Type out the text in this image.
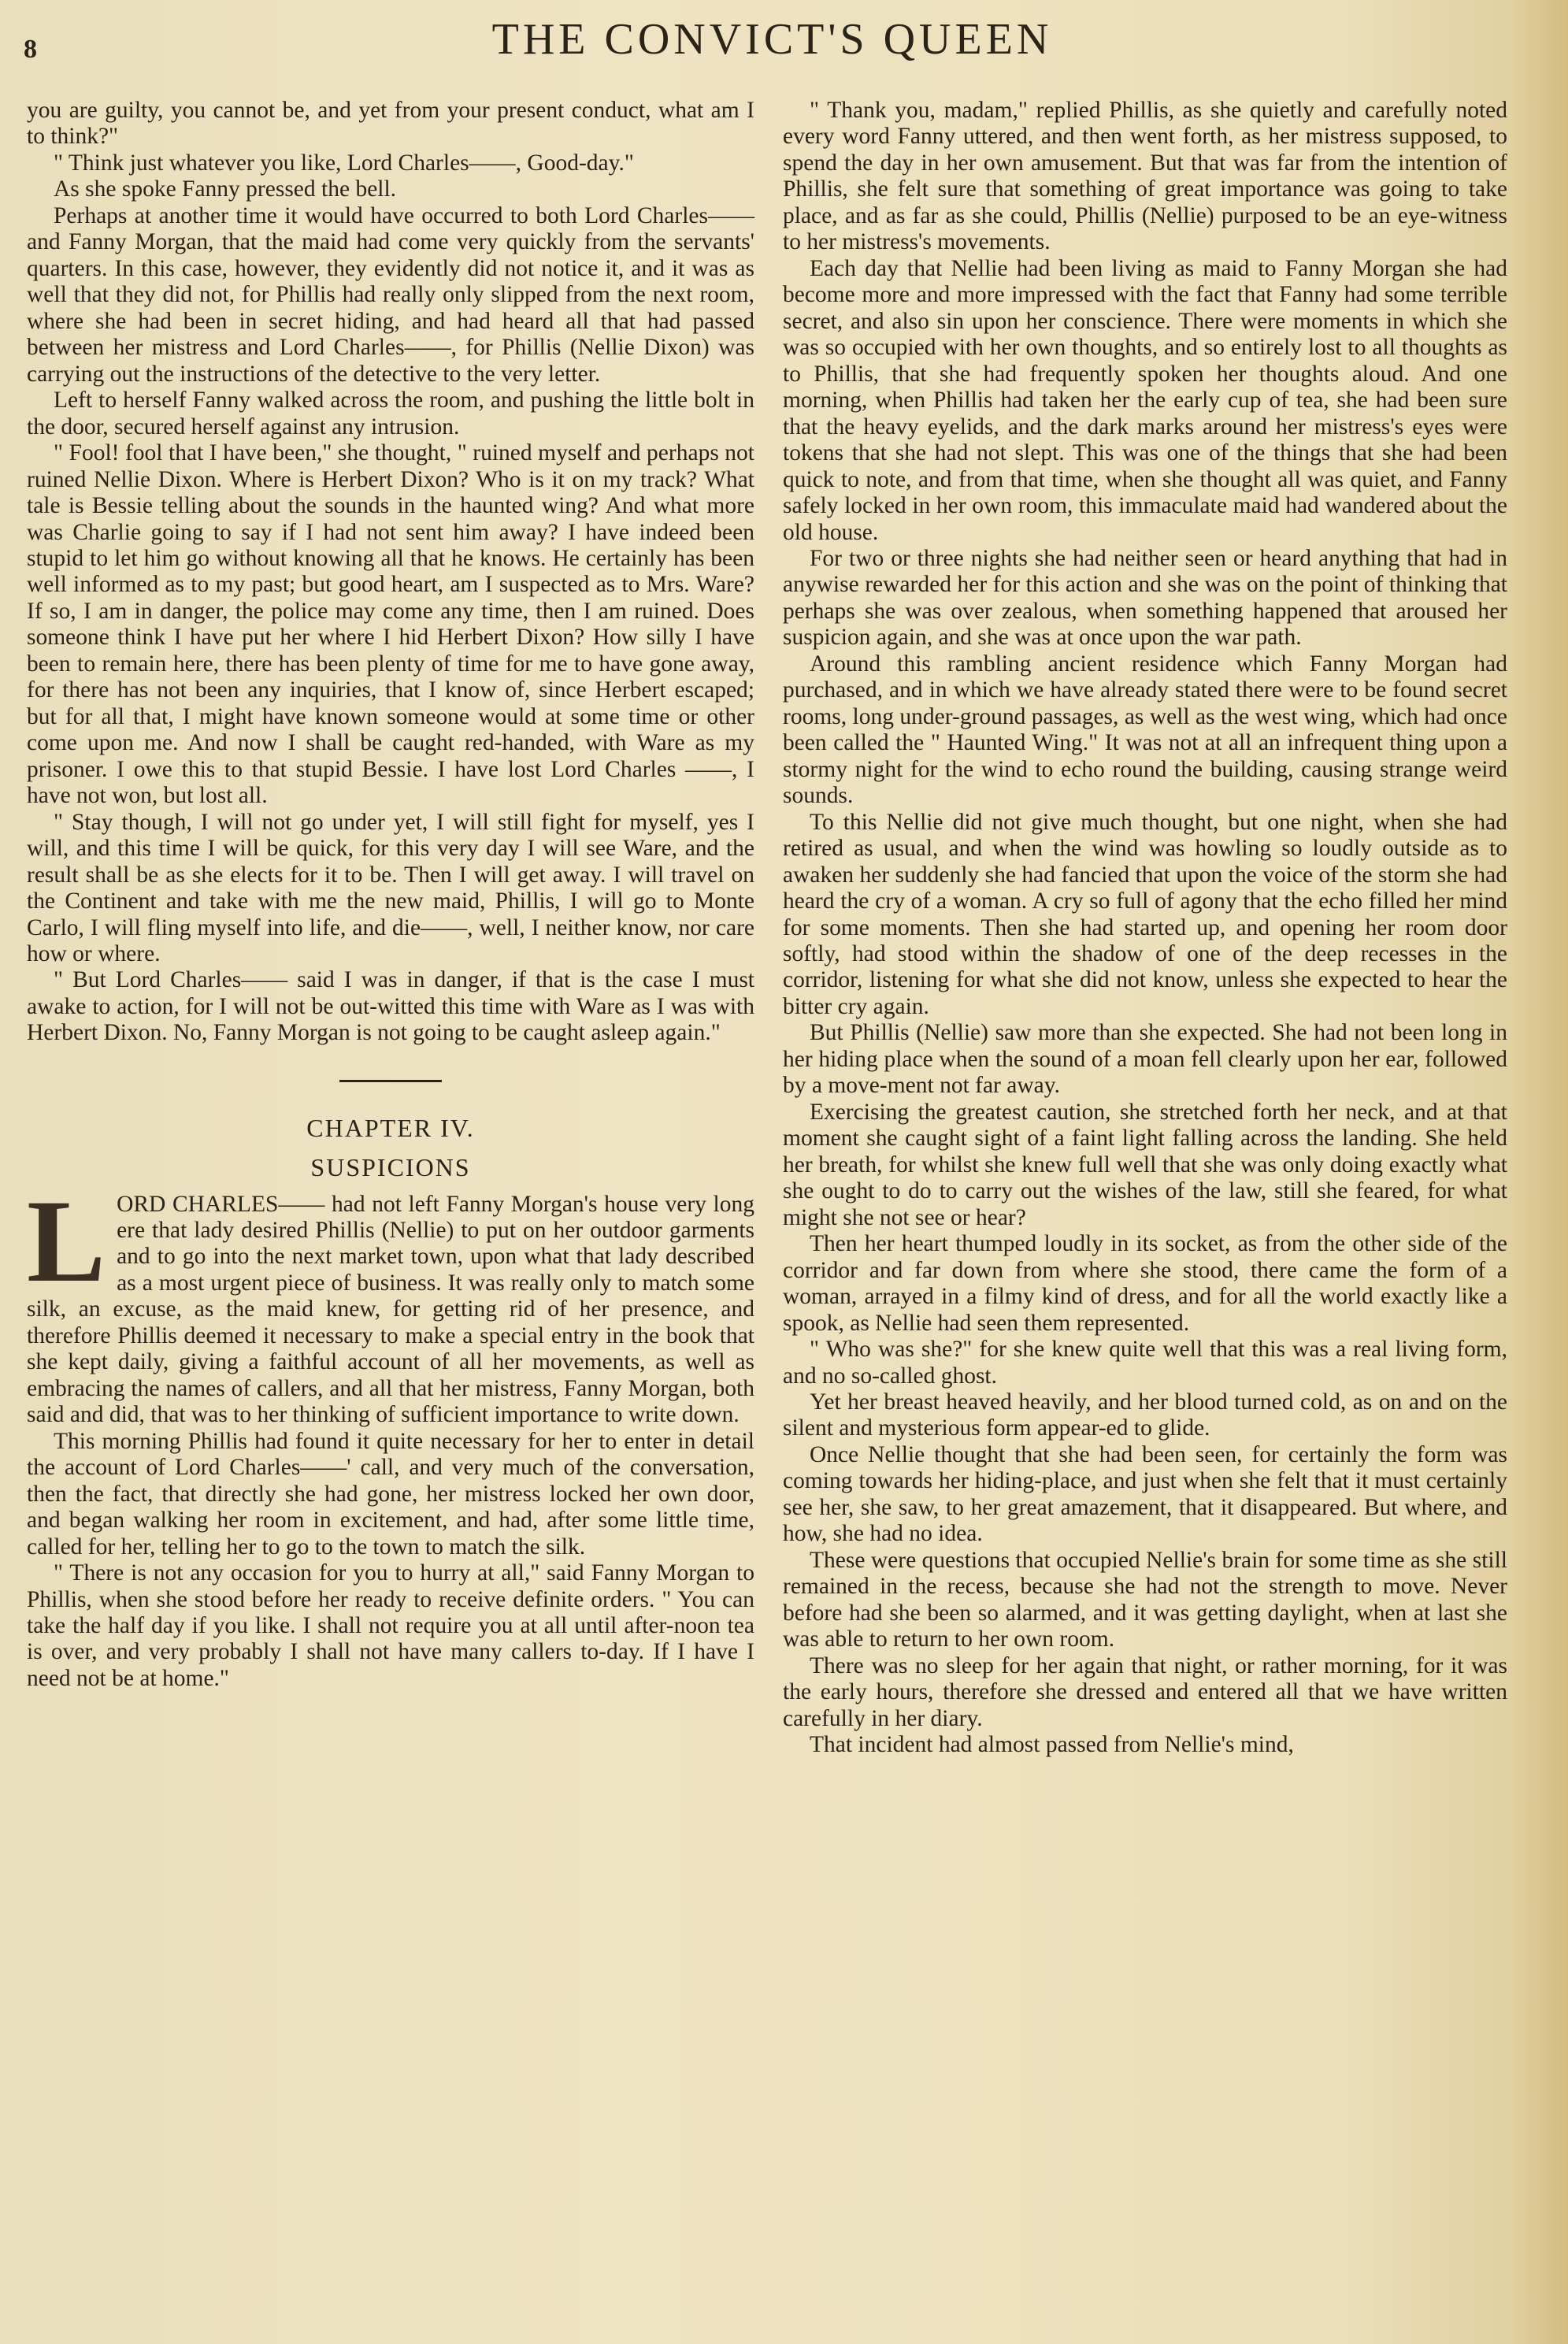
8	THE CONVICT'S QUEEN

you are guilty, you cannot be, and yet from your present conduct, what am I to think?"

" Think just whatever you like, Lord Charles——, Good-day."

As she spoke Fanny pressed the bell.

Perhaps at another time it would have occurred to both Lord Charles—— and Fanny Morgan, that the maid had come very quickly from the servants' quarters. In this case, however, they evidently did not notice it, and it was as well that they did not, for Phillis had really only slipped from the next room, where she had been in secret hiding, and had heard all that had passed between her mistress and Lord Charles——, for Phillis (Nellie Dixon) was carrying out the instructions of the detective to the very letter.

Left to herself Fanny walked across the room, and pushing the little bolt in the door, secured herself against any intrusion.

" Fool! fool that I have been," she thought, " ruined myself and perhaps not ruined Nellie Dixon. Where is Herbert Dixon? Who is it on my track? What tale is Bessie telling about the sounds in the haunted wing? And what more was Charlie going to say if I had not sent him away? I have indeed been stupid to let him go without knowing all that he knows. He certainly has been well informed as to my past; but good heart, am I suspected as to Mrs. Ware? If so, I am in danger, the police may come any time, then I am ruined. Does someone think I have put her where I hid Herbert Dixon? How silly I have been to remain here, there has been plenty of time for me to have gone away, for there has not been any inquiries, that I know of, since Herbert escaped; but for all that, I might have known someone would at some time or other come upon me. And now I shall be caught red-handed, with Ware as my prisoner. I owe this to that stupid Bessie. I have lost Lord Charles ——, I have not won, but lost all.

" Stay though, I will not go under yet, I will still fight for myself, yes I will, and this time I will be quick, for this very day I will see Ware, and the result shall be as she elects for it to be. Then I will get away. I will travel on the Continent and take with me the new maid, Phillis, I will go to Monte Carlo, I will fling myself into life, and die——, well, I neither know, nor care how or where.

" But Lord Charles—— said I was in danger, if that is the case I must awake to action, for I will not be out-witted this time with Ware as I was with Herbert Dixon. No, Fanny Morgan is not going to be caught asleep again."

CHAPTER IV.
SUSPICIONS

LORD CHARLES—— had not left Fanny Morgan's house very long ere that lady desired Phillis (Nellie) to put on her outdoor garments and to go into the next market town, upon what that lady described as a most urgent piece of business. It was really only to match some silk, an excuse, as the maid knew, for getting rid of her presence, and therefore Phillis deemed it necessary to make a special entry in the book that she kept daily, giving a faithful account of all her movements, as well as embracing the names of callers, and all that her mistress, Fanny Morgan, both said and did, that was to her thinking of sufficient importance to write down.

This morning Phillis had found it quite necessary for her to enter in detail the account of Lord Charles——' call, and very much of the conversation, then the fact, that directly she had gone, her mistress locked her own door, and began walking her room in excitement, and had, after some little time, called for her, telling her to go to the town to match the silk.

" There is not any occasion for you to hurry at all," said Fanny Morgan to Phillis, when she stood before her ready to receive definite orders. " You can take the half day if you like. I shall not require you at all until after-noon tea is over, and very probably I shall not have many callers to-day. If I have I need not be at home."

" Thank you, madam," replied Phillis, as she quietly and carefully noted every word Fanny uttered, and then went forth, as her mistress supposed, to spend the day in her own amusement. But that was far from the intention of Phillis, she felt sure that something of great importance was going to take place, and as far as she could, Phillis (Nellie) purposed to be an eye-witness to her mistress's movements.

Each day that Nellie had been living as maid to Fanny Morgan she had become more and more impressed with the fact that Fanny had some terrible secret, and also sin upon her conscience. There were moments in which she was so occupied with her own thoughts, and so entirely lost to all thoughts as to Phillis, that she had frequently spoken her thoughts aloud. And one morning, when Phillis had taken her the early cup of tea, she had been sure that the heavy eyelids, and the dark marks around her mistress's eyes were tokens that she had not slept. This was one of the things that she had been quick to note, and from that time, when she thought all was quiet, and Fanny safely locked in her own room, this immaculate maid had wandered about the old house.

For two or three nights she had neither seen or heard anything that had in anywise rewarded her for this action and she was on the point of thinking that perhaps she was over zealous, when something happened that aroused her suspicion again, and she was at once upon the war path.

Around this rambling ancient residence which Fanny Morgan had purchased, and in which we have already stated there were to be found secret rooms, long under-ground passages, as well as the west wing, which had once been called the " Haunted Wing." It was not at all an infrequent thing upon a stormy night for the wind to echo round the building, causing strange weird sounds.

To this Nellie did not give much thought, but one night, when she had retired as usual, and when the wind was howling so loudly outside as to awaken her suddenly she had fancied that upon the voice of the storm she had heard the cry of a woman. A cry so full of agony that the echo filled her mind for some moments. Then she had started up, and opening her room door softly, had stood within the shadow of one of the deep recesses in the corridor, listening for what she did not know, unless she expected to hear the bitter cry again.

But Phillis (Nellie) saw more than she expected. She had not been long in her hiding place when the sound of a moan fell clearly upon her ear, followed by a move-ment not far away.

Exercising the greatest caution, she stretched forth her neck, and at that moment she caught sight of a faint light falling across the landing. She held her breath, for whilst she knew full well that she was only doing exactly what she ought to do to carry out the wishes of the law, still she feared, for what might she not see or hear?

Then her heart thumped loudly in its socket, as from the other side of the corridor and far down from where she stood, there came the form of a woman, arrayed in a filmy kind of dress, and for all the world exactly like a spook, as Nellie had seen them represented.

" Who was she?" for she knew quite well that this was a real living form, and no so-called ghost.

Yet her breast heaved heavily, and her blood turned cold, as on and on the silent and mysterious form appear-ed to glide.

Once Nellie thought that she had been seen, for certainly the form was coming towards her hiding-place, and just when she felt that it must certainly see her, she saw, to her great amazement, that it disappeared. But where, and how, she had no idea.

These were questions that occupied Nellie's brain for some time as she still remained in the recess, because she had not the strength to move. Never before had she been so alarmed, and it was getting daylight, when at last she was able to return to her own room.

There was no sleep for her again that night, or rather morning, for it was the early hours, therefore she dressed and entered all that we have written carefully in her diary.

That incident had almost passed from Nellie's mind,
